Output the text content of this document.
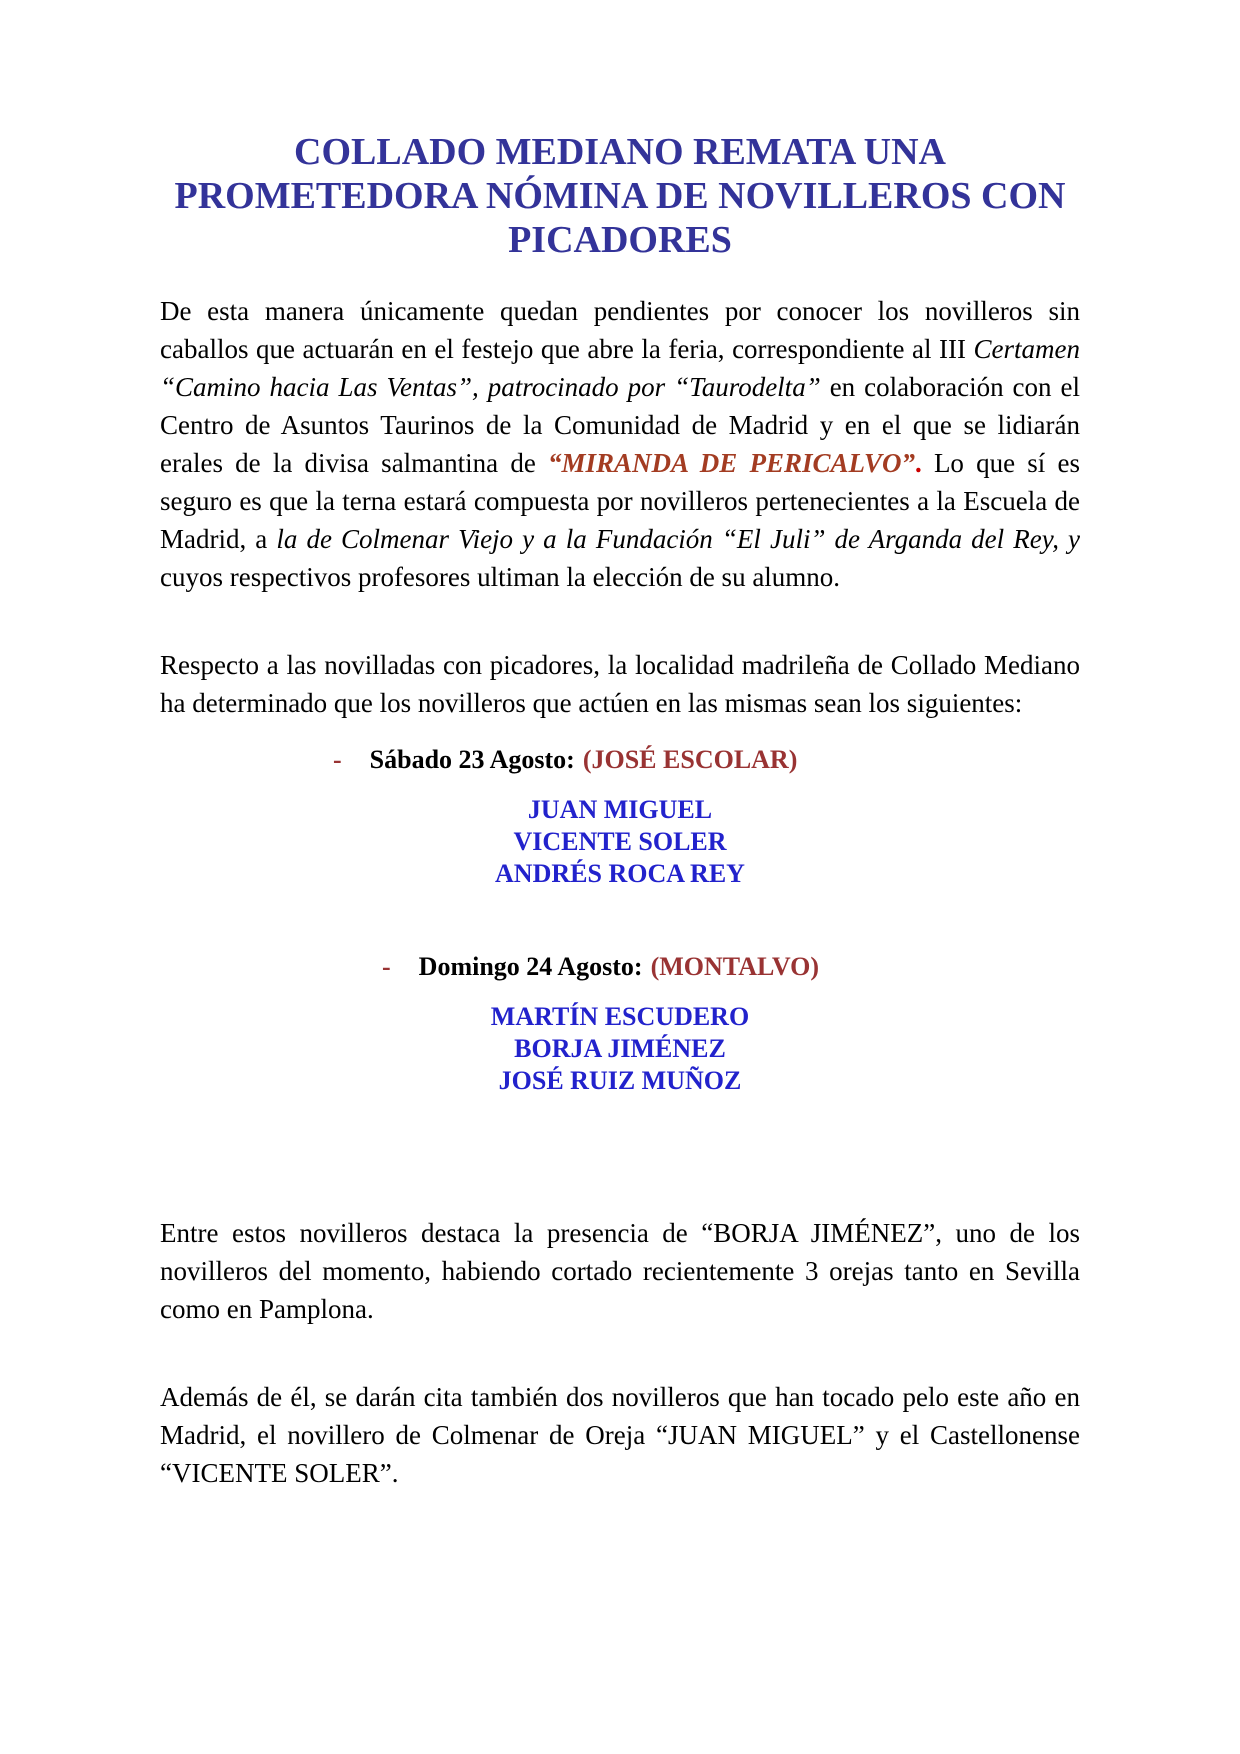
COLLADO MEDIANO REMATA UNA
PROMETEDORA NÓMINA DE NOVILLEROS CON
PICADORES

De esta manera únicamente quedan pendientes por conocer los novilleros sin caballos que actuarán en el festejo que abre la feria, correspondiente al III Certamen “Camino hacia Las Ventas”, patrocinado por “Taurodelta” en colaboración con el Centro de Asuntos Taurinos de la Comunidad de Madrid y en el que se lidiarán erales de la divisa salmantina de “MIRANDA DE PERICALVO”. Lo que sí es seguro es que la terna estará compuesta por novilleros pertenecientes a la Escuela de Madrid, a la de Colmenar Viejo y a la Fundación “El Juli” de Arganda del Rey, y cuyos respectivos profesores ultiman la elección de su alumno.

Respecto a las novilladas con picadores, la localidad madrileña de Collado Mediano ha determinado que los novilleros que actúen en las mismas sean los siguientes:

- Sábado 23 Agosto: (JOSÉ ESCOLAR)
JUAN MIGUEL
VICENTE SOLER
ANDRÉS ROCA REY
- Domingo 24 Agosto: (MONTALVO)
MARTÍN ESCUDERO
BORJA JIMÉNEZ
JOSÉ RUIZ MUÑOZ

Entre estos novilleros destaca la presencia de “BORJA JIMÉNEZ”, uno de los novilleros del momento, habiendo cortado recientemente 3 orejas tanto en Sevilla como en Pamplona.

Además de él, se darán cita también dos novilleros que han tocado pelo este año en Madrid, el novillero de Colmenar de Oreja “JUAN MIGUEL” y el Castellonense “VICENTE SOLER”.
